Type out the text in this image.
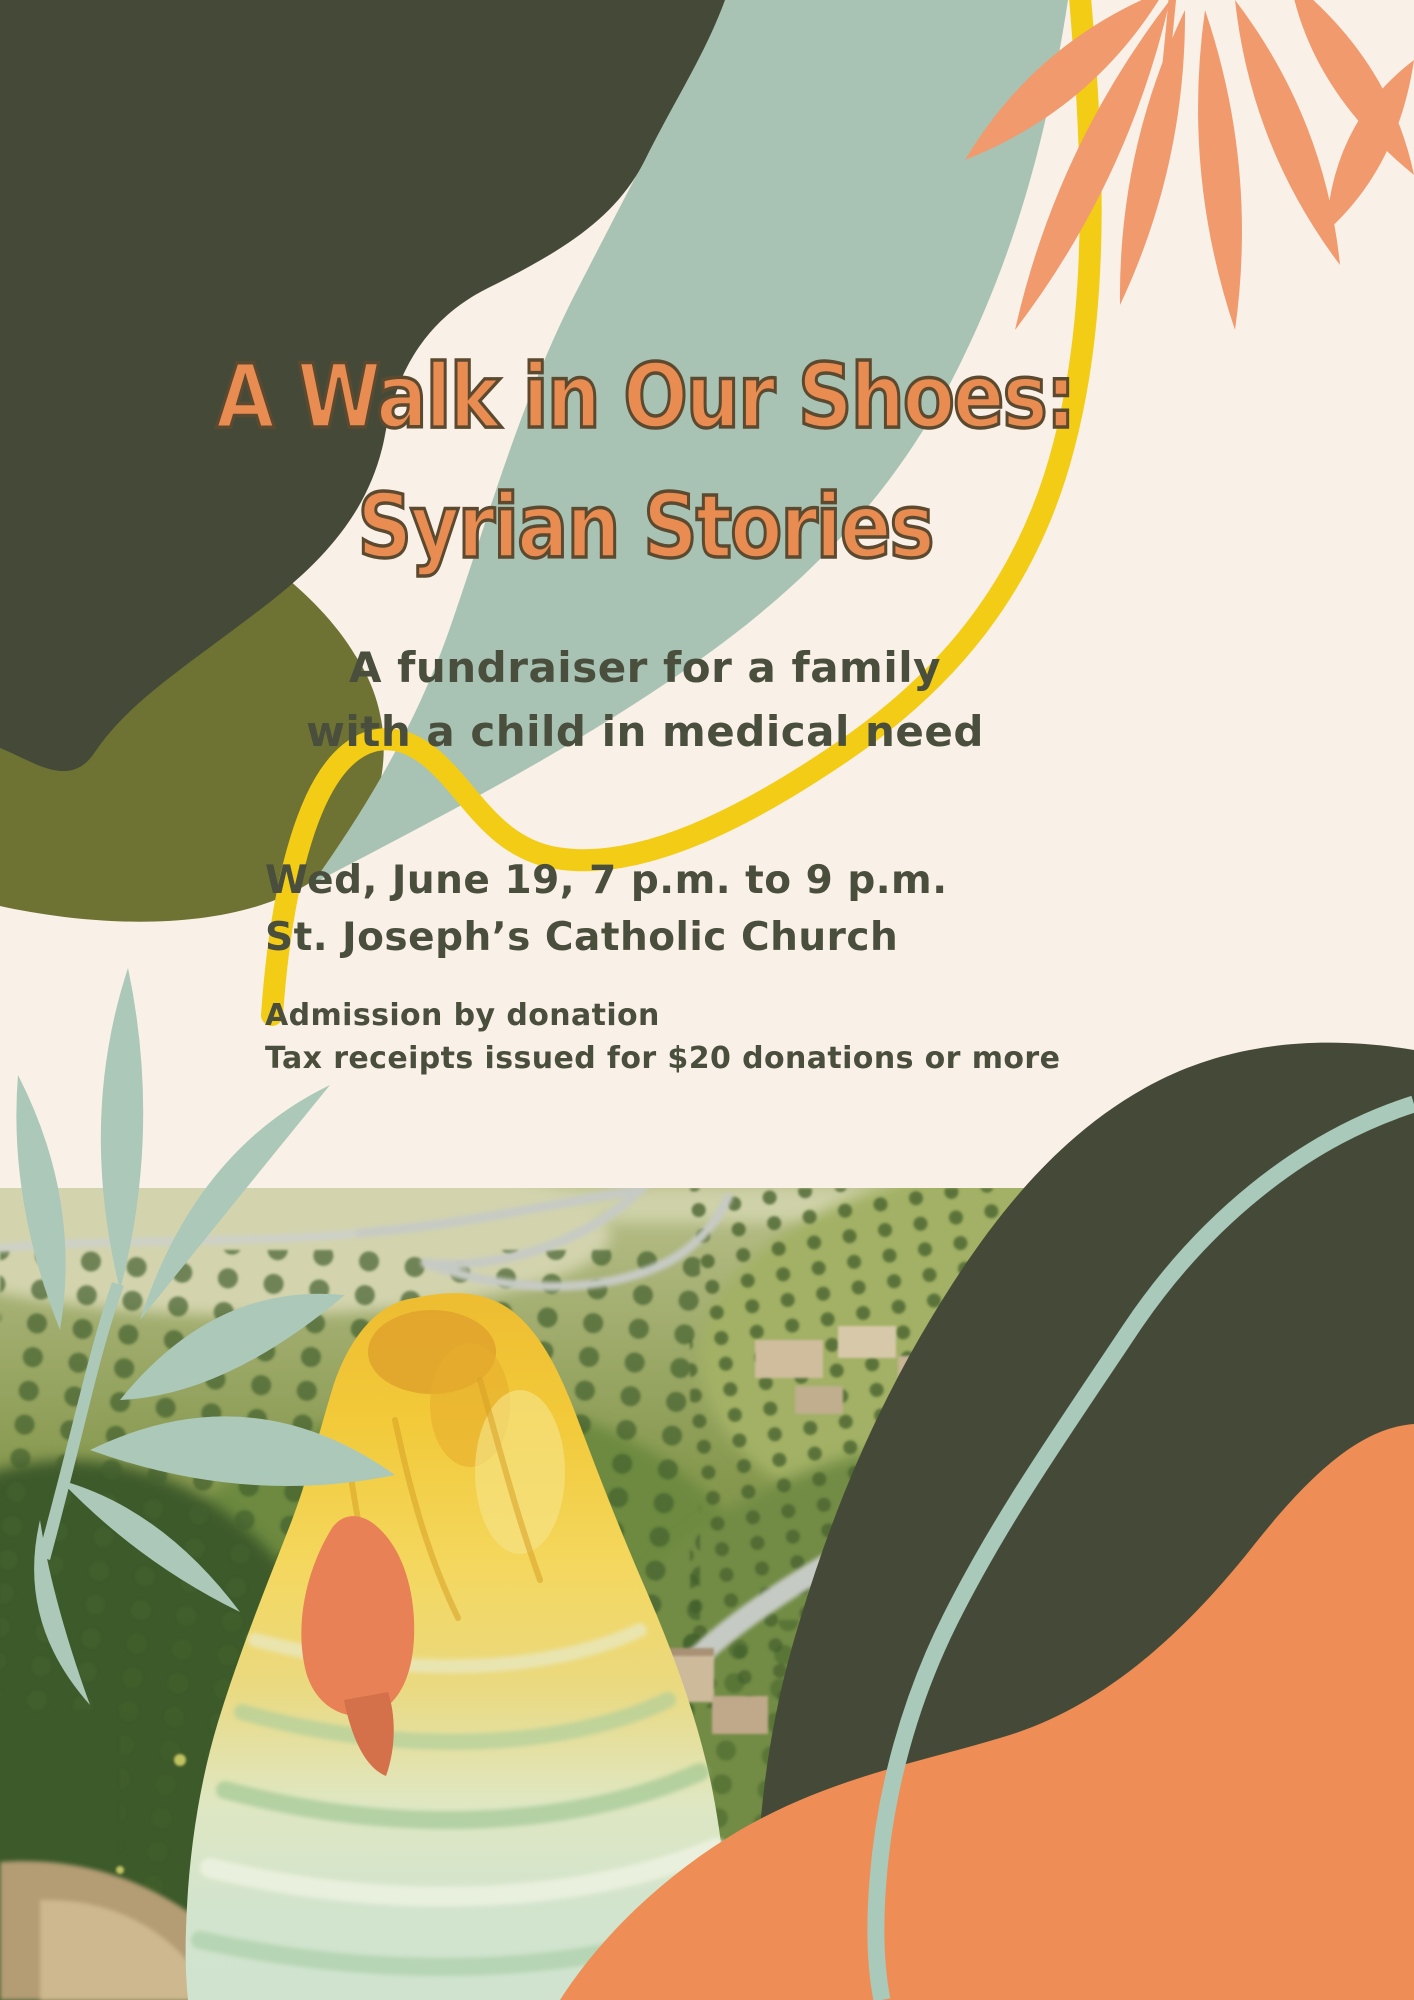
A Walk in Our Shoes:
Syrian Stories
A fundraiser for a family
with a child in medical need
Wed, June 19, 7 p.m. to 9 p.m.
St. Joseph’s Catholic Church
Admission by donation
Tax receipts issued for $20 donations or more
